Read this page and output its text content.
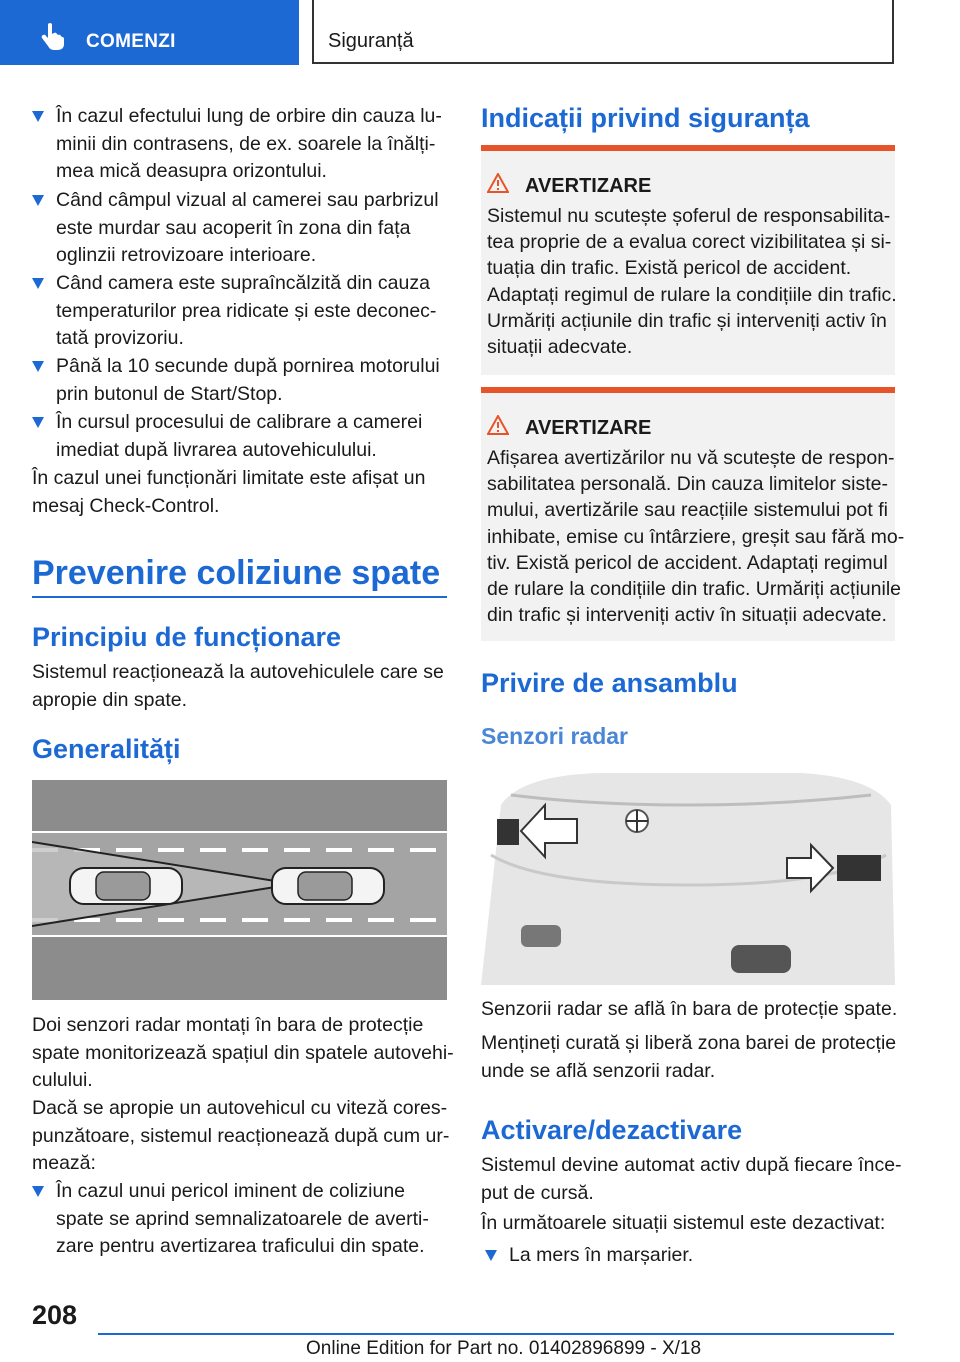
COMENZI	Siguranță
În cazul efectului lung de orbire din cauza lu-
minii din contrasens, de ex. soarele la înălți-
mea mică deasupra orizontului.
Când câmpul vizual al camerei sau parbrizul
este murdar sau acoperit în zona din fața
oglinzii retrovizoare interioare.
Când camera este supraîncălzită din cauza
temperaturilor prea ridicate și este deconec-
tată provizoriu.
Până la 10 secunde după pornirea motorului
prin butonul de Start/Stop.
În cursul procesului de calibrare a camerei
imediat după livrarea autovehiculului.
În cazul unei funcționări limitate este afișat un
mesaj Check-Control.
Prevenire coliziune spate
Principiu de funcționare
Sistemul reacționează la autovehiculele care se
apropie din spate.
Generalități
Doi senzori radar montați în bara de protecție
spate monitorizează spațiul din spatele autovehi-
culului.
Dacă se apropie un autovehicul cu viteză cores-
punzătoare, sistemul reacționează după cum ur-
mează:
În cazul unui pericol iminent de coliziune
spate se aprind semnalizatoarele de averti-
zare pentru avertizarea traficului din spate.
Indicații privind siguranța
AVERTIZARE
Sistemul nu scutește șoferul de responsabilita-
tea proprie de a evalua corect vizibilitatea și si-
tuația din trafic. Există pericol de accident.
Adaptați regimul de rulare la condițiile din trafic.
Urmăriți acțiunile din trafic și interveniți activ în
situații adecvate.
AVERTIZARE
Afișarea avertizărilor nu vă scutește de respon-
sabilitatea personală. Din cauza limitelor siste-
mului, avertizările sau reacțiile sistemului pot fi
inhibate, emise cu întârziere, greșit sau fără mo-
tiv. Există pericol de accident. Adaptați regimul
de rulare la condițiile din trafic. Urmăriți acțiunile
din trafic și interveniți activ în situații adecvate.
Privire de ansamblu
Senzori radar
Senzorii radar se află în bara de protecție spate.
Mențineți curată și liberă zona barei de protecție
unde se află senzorii radar.
Activare/dezactivare
Sistemul devine automat activ după fiecare înce-
put de cursă.
În următoarele situații sistemul este dezactivat:
La mers în marșarier.
208
Online Edition for Part no. 01402896899 - X/18
